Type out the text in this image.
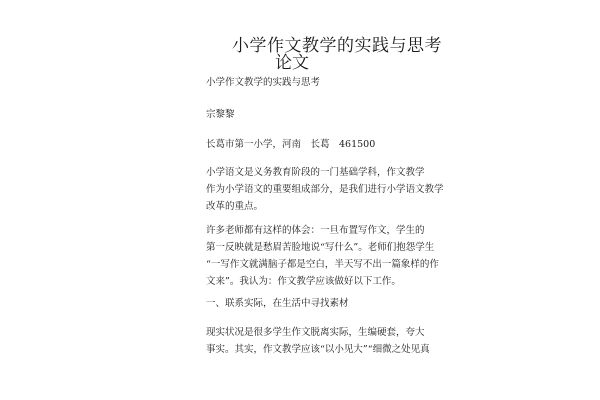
小学作文教学的实践与思考
论文

小学作文教学的实践与思考

宗黎黎

长葛市第一小学，河南　长葛　461500

小学语文是义务教育阶段的一门基础学科，作文教学
作为小学语文的重要组成部分，是我们进行小学语文教学
改革的重点。
许多老师都有这样的体会：一旦布置写作文，学生的
第一反映就是愁眉苦脸地说“写什么”。老师们抱怨学生
“一写作文就满脑子都是空白，半天写不出一篇象样的作
文来”。我认为：作文教学应该做好以下工作。

一、联系实际，在生活中寻找素材

现实状况是很多学生作文脱离实际，生编硬套，夸大
事实。其实，作文教学应该“以小见大”“细微之处见真
